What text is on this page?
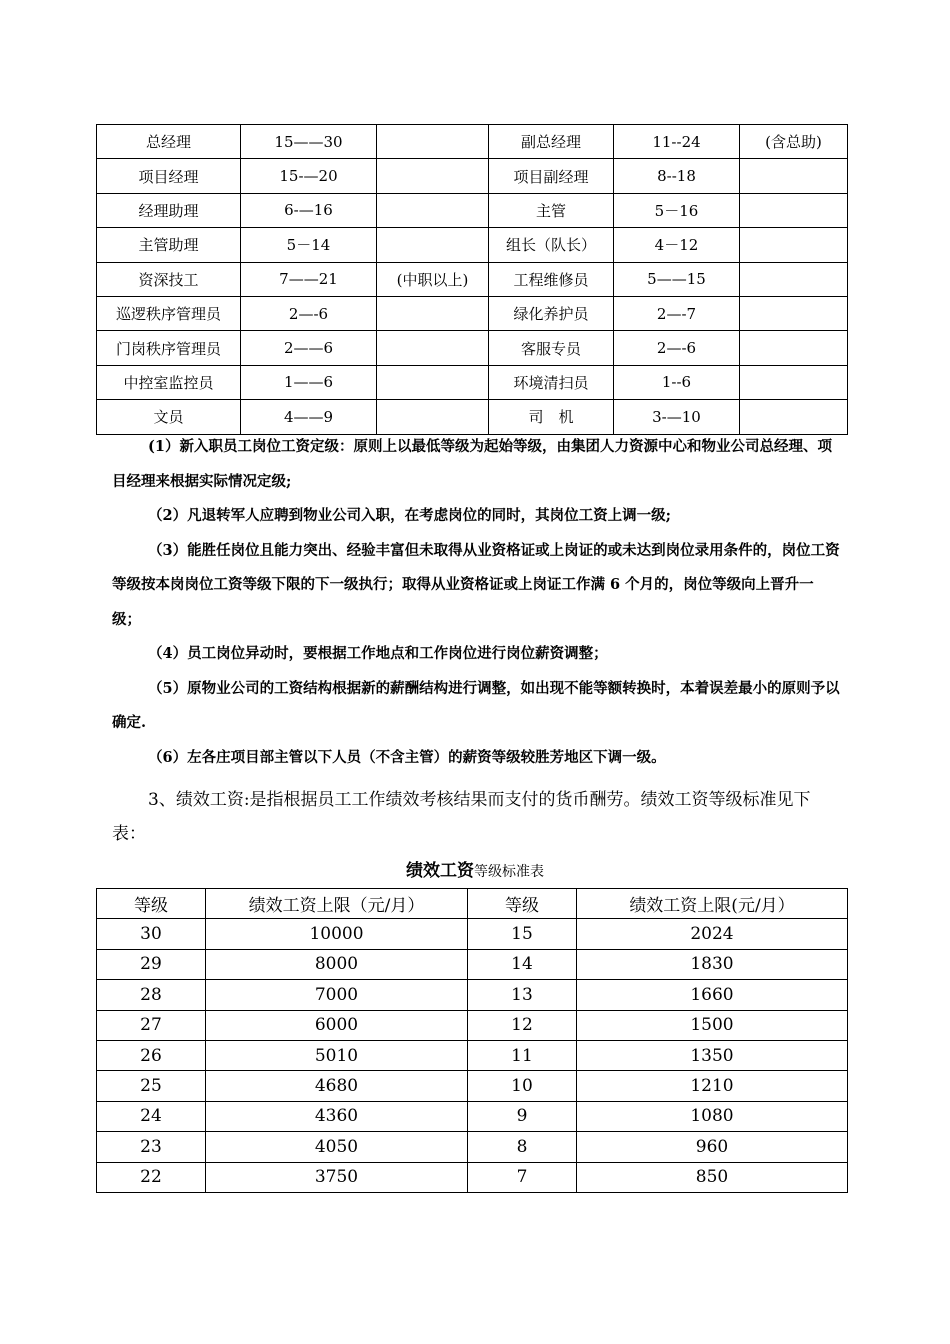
总经理	15——30		副总经理	11--24	(含总助)
项目经理	15-—20		项目副经理	8--18	
经理助理	6-—16		主管	5－16	
主管助理	5－14		组长（队长）	4－12	
资深技工	7——21	(中职以上)	工程维修员	5——15	
巡逻秩序管理员	2—-6		绿化养护员	2—-7	
门岗秩序管理员	2——6		客服专员	2—-6	
中控室监控员	1——6		环境清扫员	1--6	
文员	4——9		司　机	3-—10	

(1）新入职员工岗位工资定级：原则上以最低等级为起始等级，由集团人力资源中心和物业公司总经理、项目经理来根据实际情况定级;

（2）凡退转军人应聘到物业公司入职，在考虑岗位的同时，其岗位工资上调一级;

（3）能胜任岗位且能力突出、经验丰富但未取得从业资格证或上岗证的或未达到岗位录用条件的，岗位工资等级按本岗岗位工资等级下限的下一级执行；取得从业资格证或上岗证工作满 6 个月的，岗位等级向上晋升一级；

（4）员工岗位异动时，要根据工作地点和工作岗位进行岗位薪资调整；

（5）原物业公司的工资结构根据新的薪酬结构进行调整，如出现不能等额转换时，本着误差最小的原则予以确定.

（6）左各庄项目部主管以下人员（不含主管）的薪资等级较胜芳地区下调一级。

3、绩效工资:是指根据员工工作绩效考核结果而支付的货币酬劳。绩效工资等级标准见下表：

绩效工资等级标准表
等级	绩效工资上限（元/月）	等级	绩效工资上限(元/月）
30	10000	15	2024
29	8000	14	1830
28	7000	13	1660
27	6000	12	1500
26	5010	11	1350
25	4680	10	1210
24	4360	9	1080
23	4050	8	960
22	3750	7	850
